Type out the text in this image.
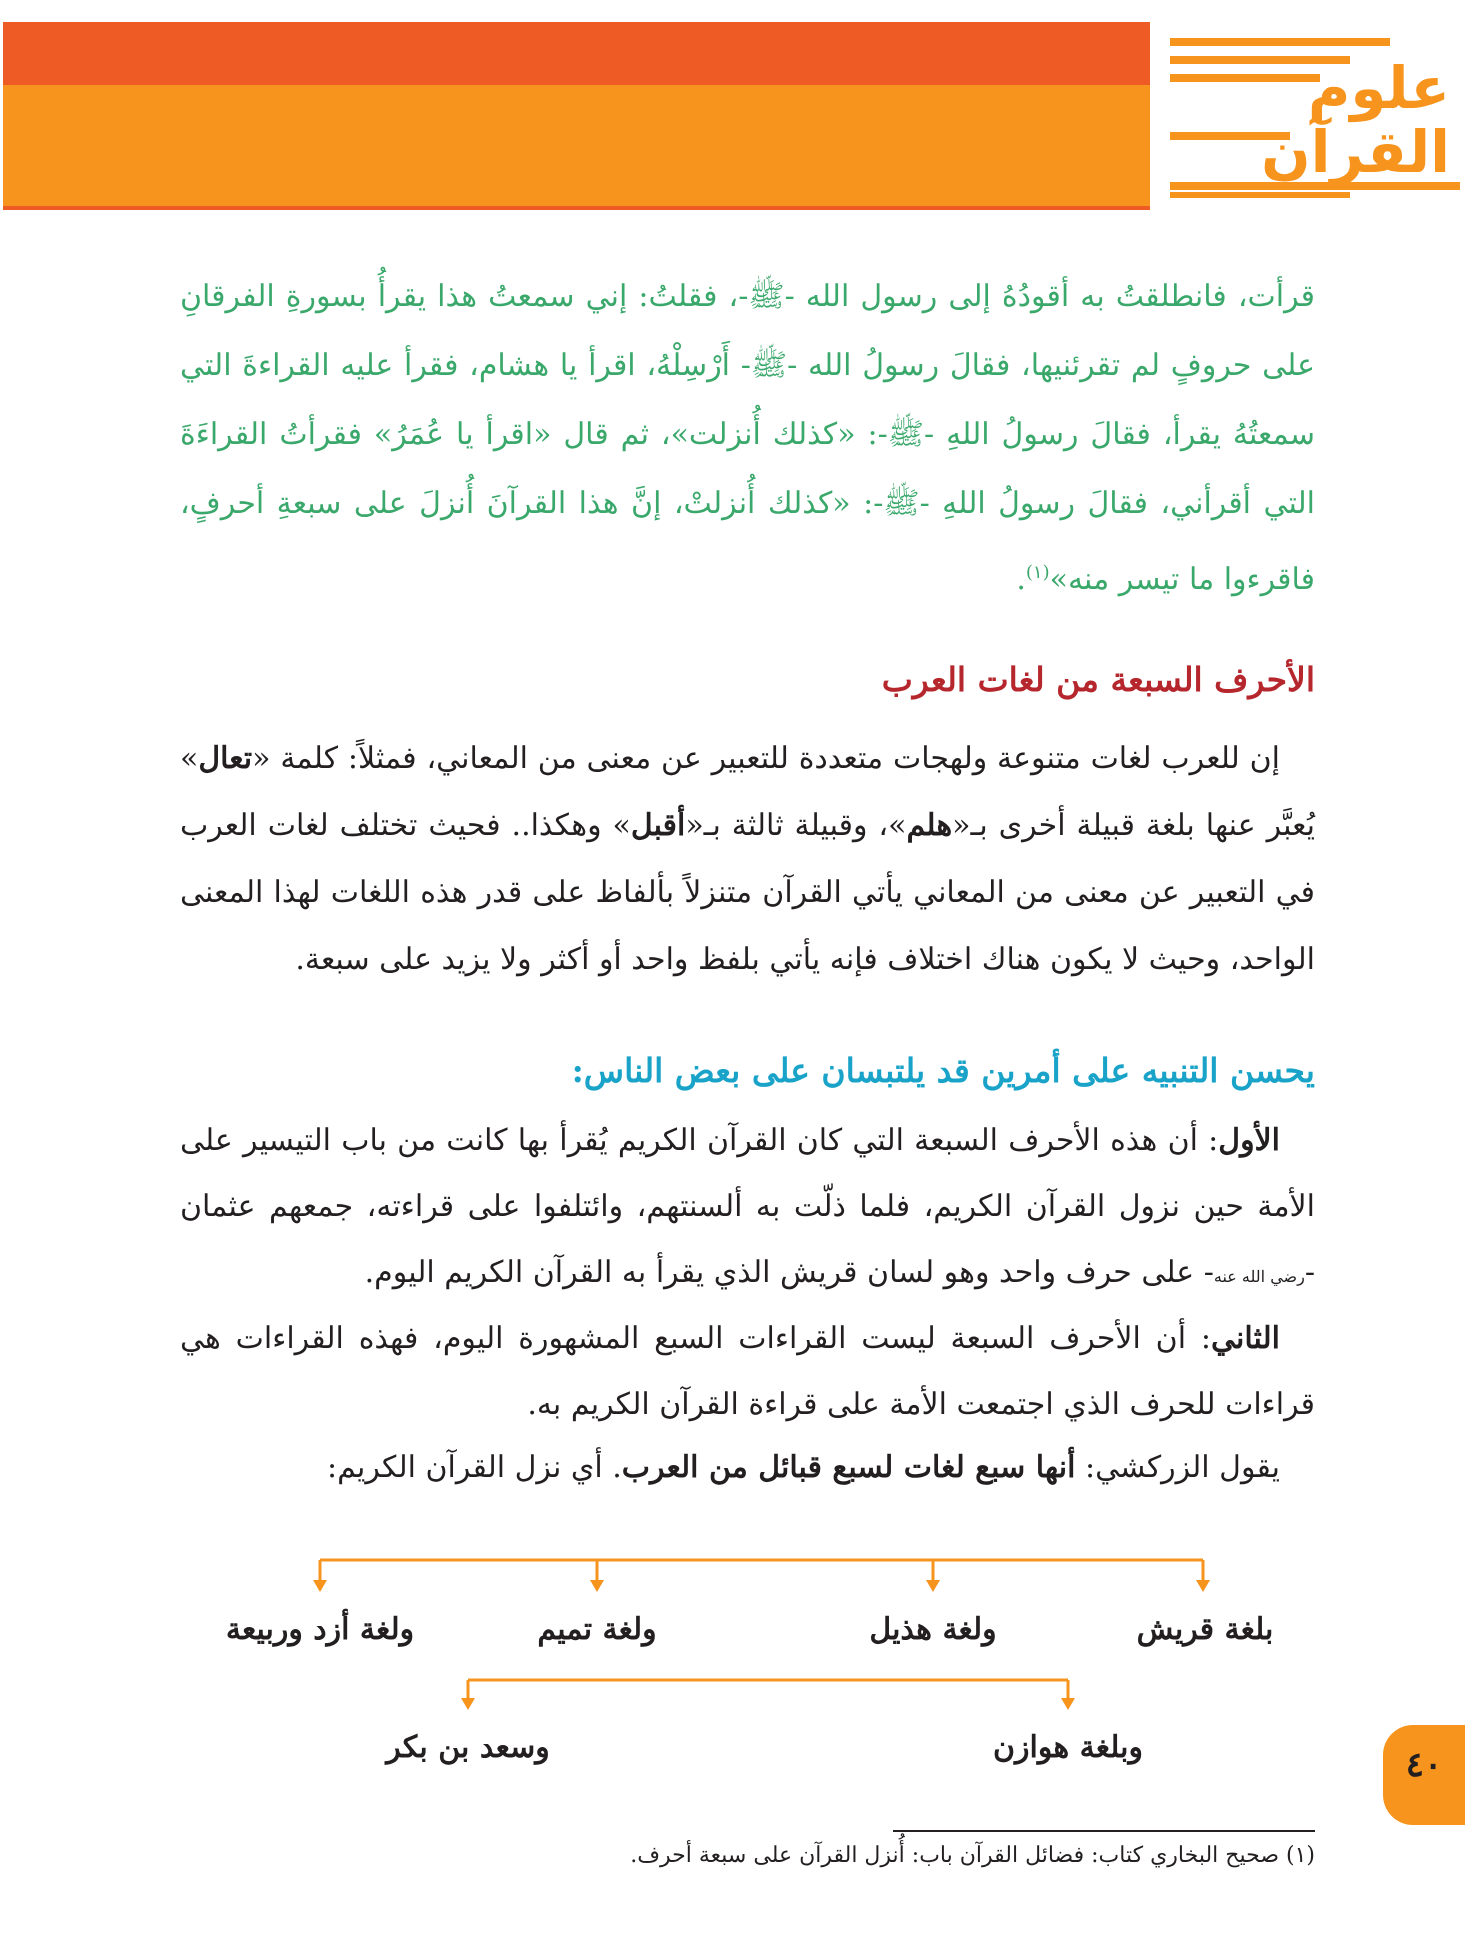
علوم
القرآن
قرأت، فانطلقتُ به أقودُهُ إلى رسول الله -ﷺ-، فقلتُ: إني سمعتُ هذا يقرأُ بسورةِ الفرقانِ على حروفٍ لم تقرئنيها، فقالَ رسولُ الله -ﷺ- أَرْسِلْهُ، اقرأ يا هشام، فقرأ عليه القراءةَ التي سمعتُهُ يقرأ، فقالَ رسولُ اللهِ -ﷺ-: «كذلك أُنزلت»، ثم قال «اقرأ يا عُمَرُ» فقرأتُ القراءَةَ التي أقرأني، فقالَ رسولُ اللهِ -ﷺ-: «كذلك أُنزلتْ، إنَّ هذا القرآنَ أُنزلَ على سبعةِ أحرفٍ، فاقرءوا ما تيسر منه»$^{(١)}$.
الأحرف السبعة من لغات العرب
إن للعرب لغات متنوعة ولهجات متعددة للتعبير عن معنى من المعاني، فمثلاً: كلمة «تعال» يُعبَّر عنها بلغة قبيلة أخرى بـ«هلم»، وقبيلة ثالثة بـ«أقبل» وهكذا.. فحيث تختلف لغات العرب في التعبير عن معنى من المعاني يأتي القرآن متنزلاً بألفاظ على قدر هذه اللغات لهذا المعنى الواحد، وحيث لا يكون هناك اختلاف فإنه يأتي بلفظ واحد أو أكثر ولا يزيد على سبعة.
يحسن التنبيه على أمرين قد يلتبسان على بعض الناس:
الأول: أن هذه الأحرف السبعة التي كان القرآن الكريم يُقرأ بها كانت من باب التيسير على الأمة حين نزول القرآن الكريم، فلما ذلّت به ألسنتهم، وائتلفوا على قراءته، جمعهم عثمان -رضي الله عنه- على حرف واحد وهو لسان قريش الذي يقرأ به القرآن الكريم اليوم.
الثاني: أن الأحرف السبعة ليست القراءات السبع المشهورة اليوم، فهذه القراءات هي قراءات للحرف الذي اجتمعت الأمة على قراءة القرآن الكريم به.
يقول الزركشي: أنها سبع لغات لسبع قبائل من العرب. أي نزل القرآن الكريم:
بلغة قريش
ولغة هذيل
ولغة تميم
ولغة أزد وربيعة
وبلغة هوازن
وسعد بن بكر	٤٠
(١) صحيح البخاري كتاب: فضائل القرآن باب: أُنزل القرآن على سبعة أحرف.
